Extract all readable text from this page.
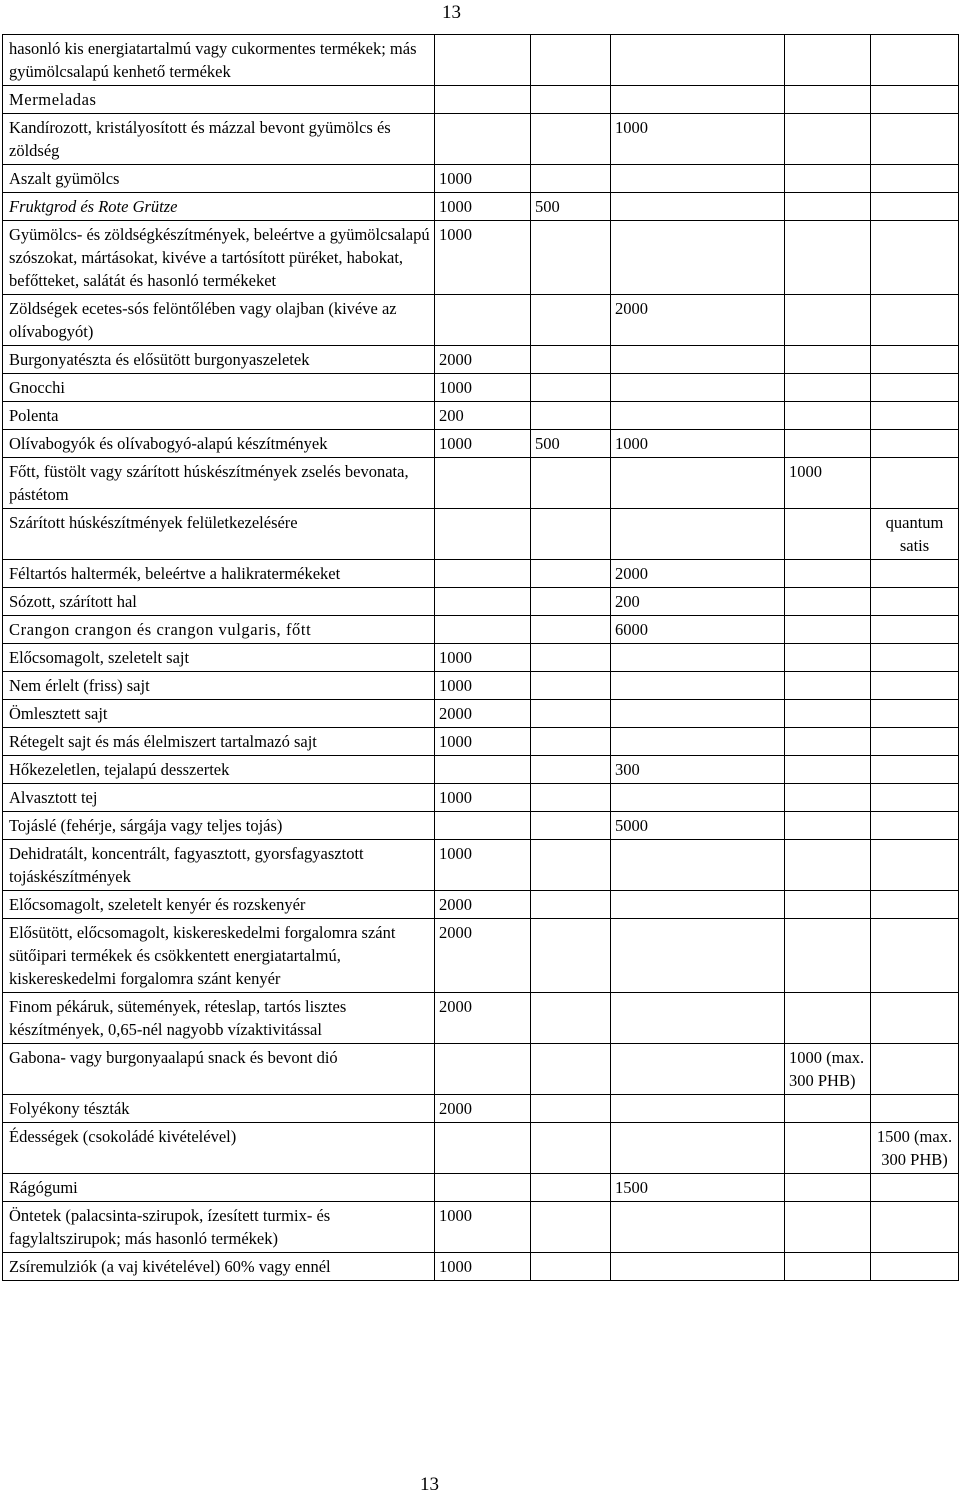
13
hasonló kis energiatartalmú vagy cukormentes termékek; más gyümölcsalapú kenhető termékek					
Mermeladas					
Kandírozott, kristályosított és mázzal bevont gyümölcs és zöldség			1000		
Aszalt gyümölcs	1000				
Fruktgrod és Rote Grütze	1000	500			
Gyümölcs- és zöldségkészítmények, beleértve a gyümölcsalapú szószokat, mártásokat, kivéve a tartósított püréket, habokat, befőtteket, salátát és hasonló termékeket	1000				
Zöldségek ecetes-sós felöntőlében vagy olajban (kivéve az olívabogyót)			2000		
Burgonyatészta és elősütött burgonyaszeletek	2000				
Gnocchi	1000				
Polenta	200				
Olívabogyók és olívabogyó-alapú készítmények	1000	500	1000		
Főtt, füstölt vagy szárított húskészítmények zselés bevonata, pástétom				1000	
Szárított húskészítmények felületkezelésére					quantum satis
Féltartós haltermék, beleértve a halikratermékeket			2000		
Sózott, szárított hal			200		
Crangon crangon és crangon vulgaris, főtt			6000		
Előcsomagolt, szeletelt sajt	1000				
Nem érlelt (friss) sajt	1000				
Ömlesztett sajt	2000				
Rétegelt sajt és más élelmiszert tartalmazó sajt	1000				
Hőkezeletlen, tejalapú desszertek			300		
Alvasztott tej	1000				
Tojáslé (fehérje, sárgája vagy teljes tojás)			5000		
Dehidratált, koncentrált, fagyasztott, gyorsfagyasztott tojáskészítmények	1000				
Előcsomagolt, szeletelt kenyér és rozskenyér	2000				
Elősütött, előcsomagolt, kiskereskedelmi forgalomra szánt sütőipari termékek és csökkentett energiatartalmú, kiskereskedelmi forgalomra szánt kenyér	2000				
Finom pékáruk, sütemények, réteslap, tartós lisztes készítmények, 0,65-nél nagyobb vízaktivitással	2000				
Gabona- vagy burgonyaalapú snack és bevont dió				1000 (max. 300 PHB)	
Folyékony tészták	2000				
Édességek (csokoládé kivételével)					1500 (max. 300 PHB)
Rágógumi			1500		
Öntetek (palacsinta-szirupok, ízesített turmix- és fagylaltszirupok; más hasonló termékek)	1000				
Zsíremulziók (a vaj kivételével) 60% vagy ennél	1000				
13
